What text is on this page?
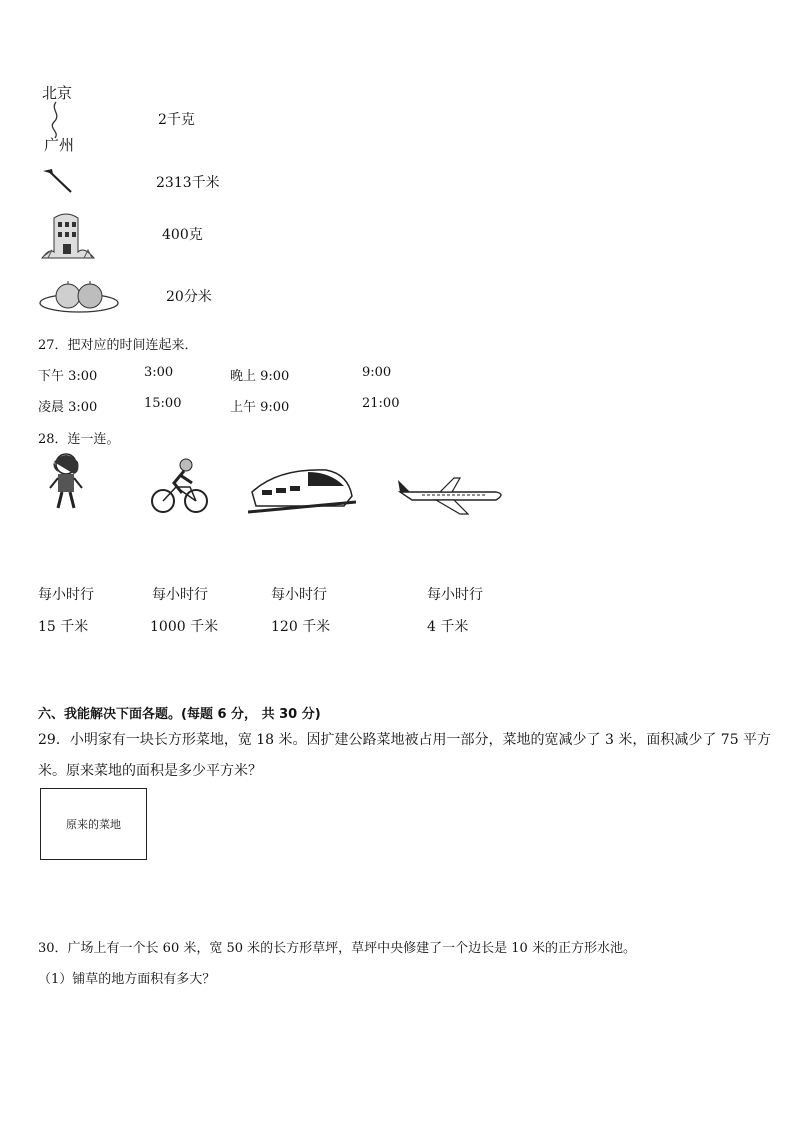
北京
广州
2千克
2313千米
400克
20分米
27．把对应的时间连起来．
下午 3:00	3:00	晚上 9:00	9:00
凌晨 3:00	15:00	上午 9:00	21:00
28．连一连。
每小时行	每小时行	每小时行	每小时行
15 千米	1000 千米	120 千米	4 千米
六、我能解决下面各题。(每题 6 分， 共 30 分)
29．小明家有一块长方形菜地，宽 18 米。因扩建公路菜地被占用一部分，菜地的宽减少了 3 米，面积减少了 75 平方
米。原来菜地的面积是多少平方米？
原来的菜地
30．广场上有一个长 60 米，宽 50 米的长方形草坪，草坪中央修建了一个边长是 10 米的正方形水池。
（1）铺草的地方面积有多大？
